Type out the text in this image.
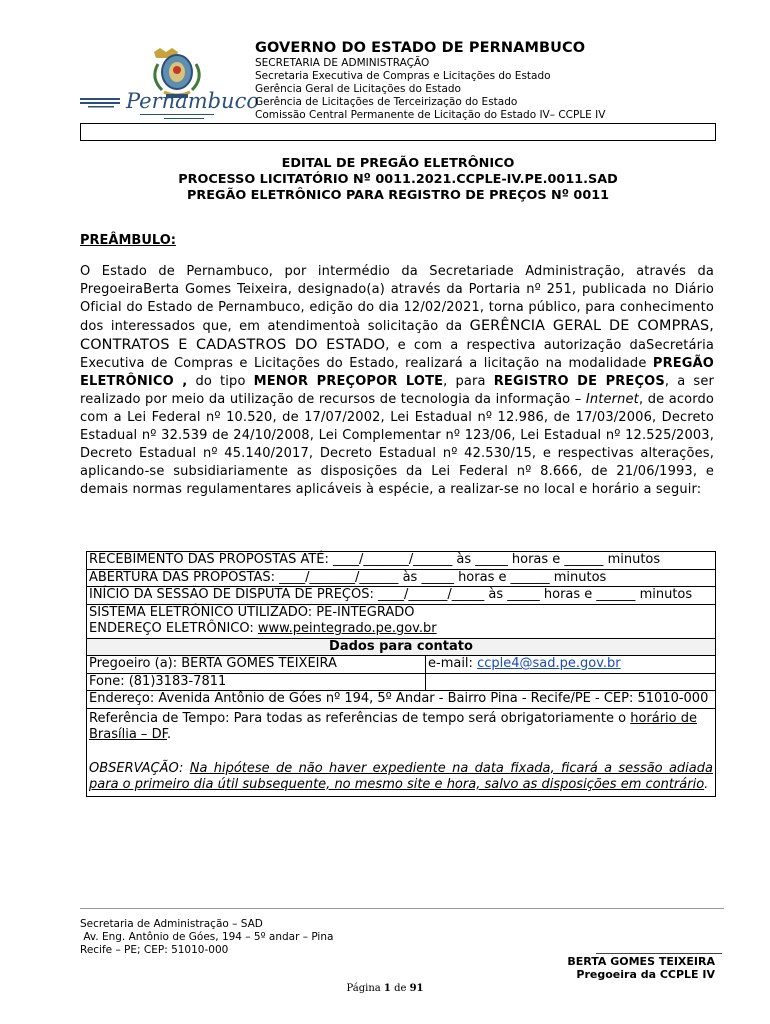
Pernambuco
GOVERNO DO ESTADO DE PERNAMBUCO
SECRETARIA DE ADMINISTRAÇÃO
Secretaria Executiva de Compras e Licitações do Estado
Gerência Geral de Licitações do Estado
Gerência de Licitações de Terceirização do Estado
Comissão Central Permanente de Licitação do Estado IV– CCPLE IV
EDITAL DE PREGÃO ELETRÔNICO
PROCESSO LICITATÓRIO Nº 0011.2021.CCPLE-IV.PE.0011.SAD
PREGÃO ELETRÔNICO PARA REGISTRO DE PREÇOS Nº 0011
PREÂMBULO:
O Estado de Pernambuco, por intermédio da Secretariade Administração, através da PregoeiraBerta Gomes Teixeira, designado(a) através da Portaria nº 251, publicada no Diário Oficial do Estado de Pernambuco, edição do dia 12/02/2021, torna público, para conhecimento dos interessados que, em atendimentoà solicitação da GERÊNCIA GERAL DE COMPRAS, CONTRATOS E CADASTROS DO ESTADO, e com a respectiva autorização daSecretária Executiva de Compras e Licitações do Estado, realizará a licitação na modalidade PREGÃO ELETRÔNICO , do tipo MENOR PREÇOPOR LOTE, para REGISTRO DE PREÇOS, a ser realizado por meio da utilização de recursos de tecnologia da informação – Internet, de acordo com a Lei Federal nº 10.520, de 17/07/2002, Lei Estadual nº 12.986, de 17/03/2006, Decreto Estadual nº 32.539 de 24/10/2008, Lei Complementar nº 123/06, Lei Estadual nº 12.525/2003, Decreto Estadual nº 45.140/2017, Decreto Estadual nº 42.530/15, e respectivas alterações, aplicando-se subsidiariamente as disposições da Lei Federal nº 8.666, de 21/06/1993, e demais normas regulamentares aplicáveis à espécie, a realizar-se no local e horário a seguir:
RECEBIMENTO DAS PROPOSTAS ATÉ: ____/_______/______ às _____ horas e ______ minutos	
ABERTURA DAS PROPOSTAS: ____/_______/______ às _____ horas e ______ minutos	
INÍCIO DA SESSÃO DE DISPUTA DE PREÇOS: ____/______/_____ às _____ horas e ______ minutos	
SISTEMA ELETRÔNICO UTILIZADO: PE-INTEGRADO
ENDEREÇO ELETRÔNICO: www.peintegrado.pe.gov.br	
Dados para contato	
Pregoeiro (a): BERTA GOMES TEIXEIRA	e-mail: ccple4@sad.pe.gov.br
Fone: (81)3183-7811	
Endereço: Avenida Antônio de Góes nº 194, 5º Andar - Bairro Pina - Recife/PE - CEP: 51010-000	

Referência de Tempo: Para todas as referências de tempo será obrigatoriamente o horário de Brasília – DF.
OBSERVAÇÃO: Na hipótese de não haver expediente na data fixada, ficará a sessão adiada para o primeiro dia útil subsequente, no mesmo site e hora, salvo as disposições em contrário.	
Secretaria de Administração – SAD
Av. Eng. Antônio de Góes, 194 – 5º andar – Pina
Recife – PE; CEP: 51010-000
BERTA GOMES TEIXEIRA
Pregoeira da CCPLE IV
Página 1 de 91
